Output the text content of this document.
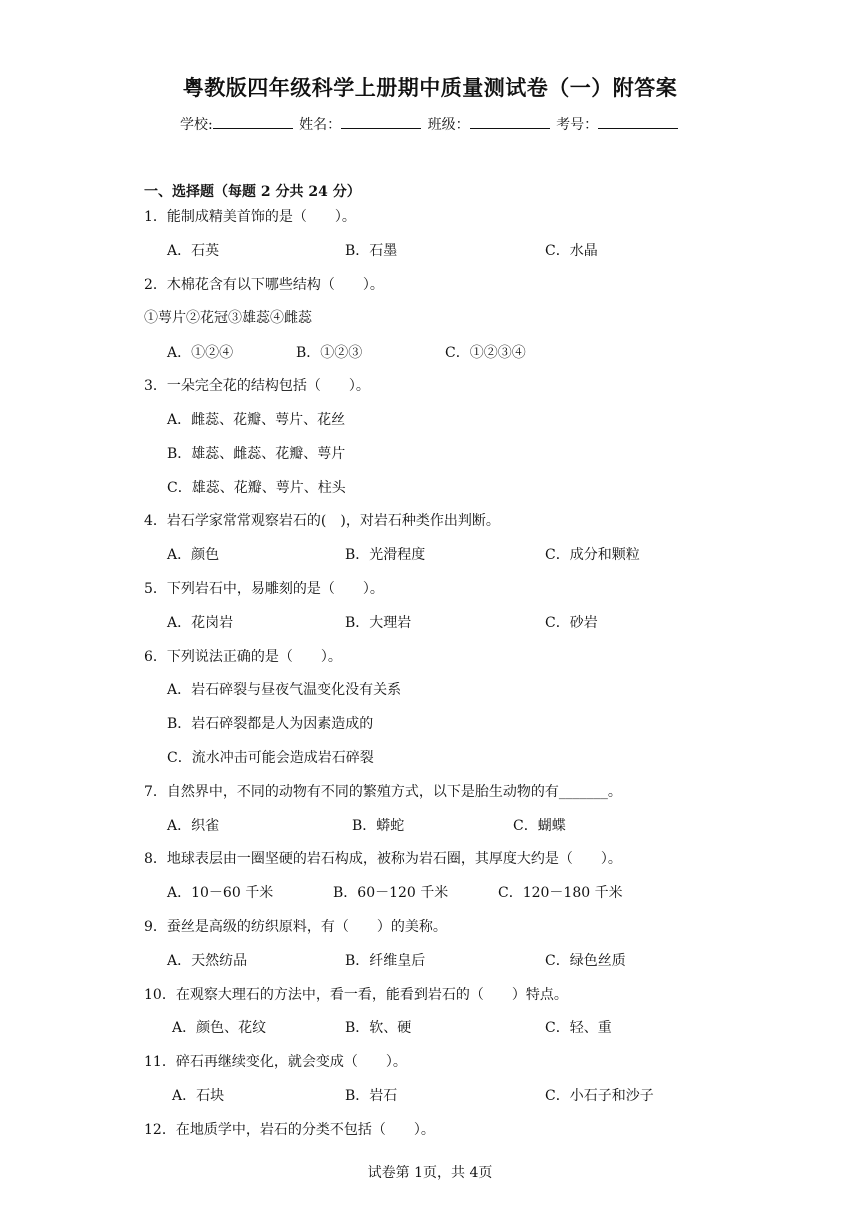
粤教版四年级科学上册期中质量测试卷（一）附答案
学校:	姓名：	班级：	考号：
一、选择题（每题 2 分共 24 分）
1．能制成精美首饰的是（　　）。
A．石英	B．石墨	C．水晶
2．木棉花含有以下哪些结构（　　）。
①萼片②花冠③雄蕊④雌蕊
A．①②④	B．①②③	C．①②③④
3．一朵完全花的结构包括（　　）。
A．雌蕊、花瓣、萼片、花丝
B．雄蕊、雌蕊、花瓣、萼片
C．雄蕊、花瓣、萼片、柱头
4．岩石学家常常观察岩石的(　)，对岩石种类作出判断。
A．颜色	B．光滑程度	C．成分和颗粒
5．下列岩石中，易雕刻的是（　　）。
A．花岗岩	B．大理岩	C．砂岩
6．下列说法正确的是（　　）。
A．岩石碎裂与昼夜气温变化没有关系
B．岩石碎裂都是人为因素造成的
C．流水冲击可能会造成岩石碎裂
7．自然界中，不同的动物有不同的繁殖方式，以下是胎生动物的有_______。
A．织雀	B．蟒蛇	C．蝴蝶
8．地球表层由一圈坚硬的岩石构成，被称为岩石圈，其厚度大约是（　　）。
A．10－60 千米	B．60－120 千米	C．120－180 千米
9．蚕丝是高级的纺织原料，有（　　）的美称。
A．天然纺品	B．纤维皇后	C．绿色丝质
10．在观察大理石的方法中，看一看，能看到岩石的（　　）特点。
A．颜色、花纹	B．软、硬	C．轻、重
11．碎石再继续变化，就会变成（　　）。
A．石块	B．岩石	C．小石子和沙子
12．在地质学中，岩石的分类不包括（　　）。
试卷第 1页，共 4页
